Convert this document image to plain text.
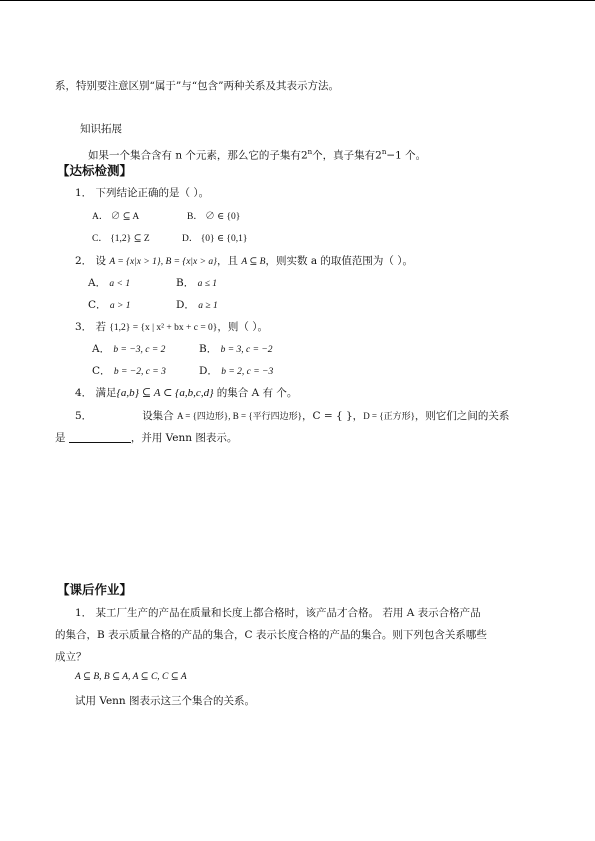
系，特别要注意区别“属于”与“包含”两种关系及其表示方法。
知识拓展
如果一个集合含有 n 个元素，那么它的子集有2$^n$个，真子集有$2^n-1$ 个。
【达标检测】
1． 下列结论正确的是（ ）。
A． ∅ ⊆ A	B． ∅ ∈ {0}
C． {1,2} ⊆ Z	D． {0} ∈ {0,1}
2． 设 A = {x|x > 1}, B = {x|x > a}，且 A ⊆ B，则实数 a 的取值范围为（ ）。
A． a < 1	B． a ≤ 1
C． a > 1	D． a ≥ 1
3． 若 {1,2} = {x | x² + bx + c = 0}，则（ ）。
A． b = −3, c = 2	B． b = 3, c = −2
C． b = −2, c = 3	D． b = 2, c = −3
4． 满足{a,b} ⊆ A ⊂ {a,b,c,d} 的集合 A 有 个。
5．	设集合 A = {四边形}, B = {平行四边形}，C = { }，D = {正方形}，则它们之间的关系
是	，并用 Venn 图表示。
【课后作业】
1． 某工厂生产的产品在质量和长度上都合格时，该产品才合格。 若用 A 表示合格产品
的集合，B 表示质量合格的产品的集合，C 表示长度合格的产品的集合。则下列包含关系哪些
成立？
A ⊆ B, B ⊆ A, A ⊆ C, C ⊆ A
试用 Venn 图表示这三个集合的关系。
